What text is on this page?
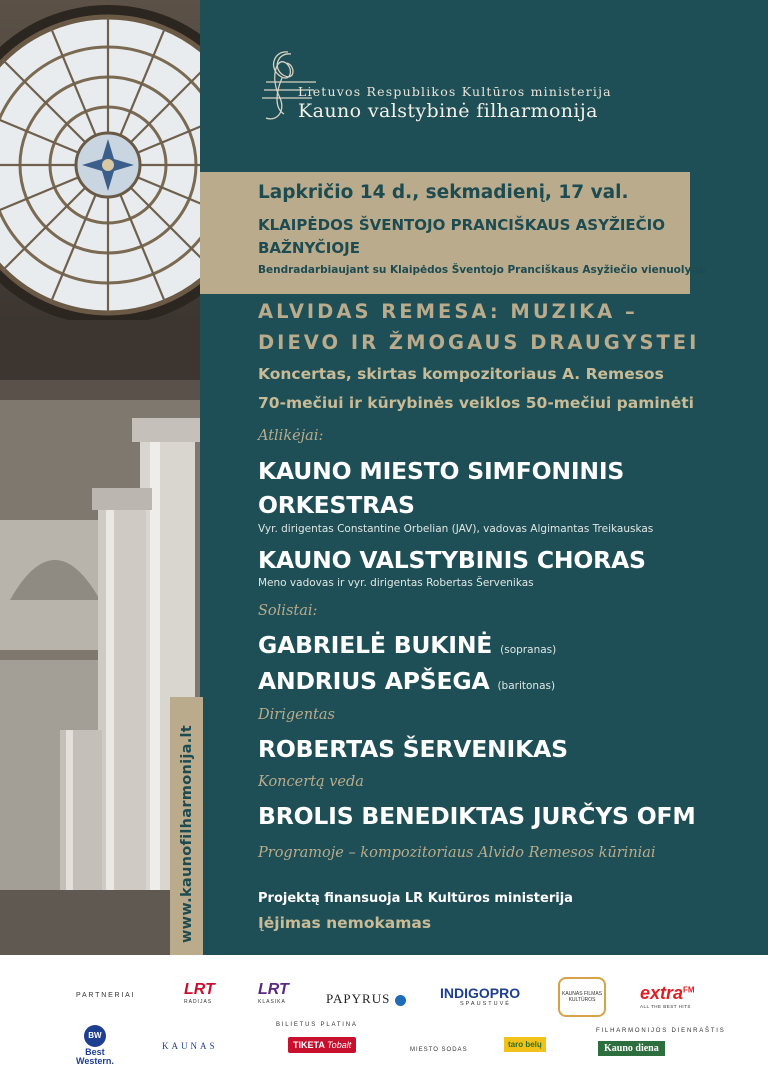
Lietuvos Respublikos Kultūros ministerija
Kauno valstybinė filharmonija
Lapkričio 14 d., sekmadienį, 17 val.
KLAIPĖDOS ŠVENTOJO PRANCIŠKAUS ASYŽIEČIO BAŽNYČIOJE
Bendradarbiaujant su Klaipėdos Šventojo Pranciškaus Asyžiečio vienuolynu
ALVIDAS REMESA: MUZIKA –
DIEVO IR ŽMOGAUS DRAUGYSTEI
Koncertas, skirtas kompozitoriaus A. Remesos
70-mečiui ir kūrybinės veiklos 50-mečiui paminėti
Atlikėjai:
KAUNO MIESTO SIMFONINIS
ORKESTRAS
Vyr. dirigentas Constantine Orbelian (JAV), vadovas Algimantas Treikauskas
KAUNO VALSTYBINIS CHORAS
Meno vadovas ir vyr. dirigentas Robertas Šervenikas
Solistai:
GABRIELĖ BUKINĖ (sopranas)
ANDRIUS APŠEGA (baritonas)
Dirigentas
ROBERTAS ŠERVENIKAS
Koncertą veda
BROLIS BENEDIKTAS JURČYS OFM
Programoje – kompozitoriaus Alvido Remesos kūriniai
Projektą finansuoja LR Kultūros ministerija
Įėjimas nemokamas
www.kaunofilharmonija.lt
PARTNERIAI	LRT
RADIJAS
LRT
KLASIKA	PAPYRUS	INDIGOPRO
SPAUSTUVĖ
KAUNAS FILMAS KULTŪROS	extra$^{FM}$
ALL THE BEST HITS
BW
Best
Western.
KAUNAS
BILIETUS PLATINA
TIKETA Tobalt	MIESTO SODAS
taro belų
FILHARMONIJOS DIENRAŠTIS
Kauno diena
